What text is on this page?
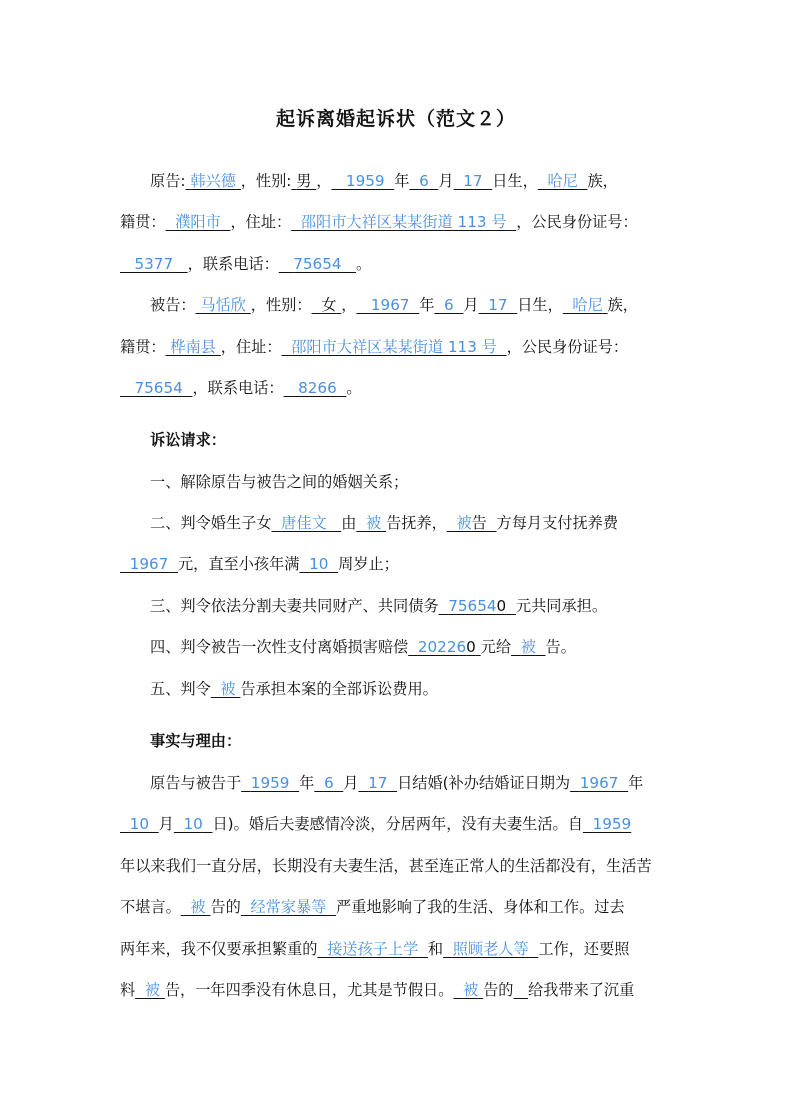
起诉离婚起诉状（范文２）
原告: 韩兴德 ，性别: 男 ， 1959 年 6 月 17 日生， 哈尼 族，
籍贯： 濮阳市 ，住址： 邵阳市大祥区某某街道 113 号 ，公民身份证号：
5377 ，联系电话： 75654 。
被告： 马恬欣 ，性别： 女 ， 1967 年 6 月 17 日生， 哈尼 族，
籍贯： 桦南县 ，住址： 邵阳市大祥区某某街道 113 号 ，公民身份证号：
75654 ，联系电话： 8266 。
诉讼请求：
一、解除原告与被告之间的婚姻关系；
二、判令婚生子女 唐佳文 由 被 告抚养， 被告 方每月支付抚养费
1967 元，直至小孩年满 10 周岁止；
三、判令依法分割夫妻共同财产、共同债务 756540 元共同承担。
四、判令被告一次性支付离婚损害赔偿 202260 元给 被 告。
五、判令 被 告承担本案的全部诉讼费用。
事实与理由：
原告与被告于 1959 年 6 月 17 日结婚(补办结婚证日期为 1967 年
10 月 10 日)。婚后夫妻感情冷淡，分居两年，没有夫妻生活。自 1959
年以来我们一直分居，长期没有夫妻生活，甚至连正常人的生活都没有，生活苦
不堪言。 被 告的 经常家暴等 严重地影响了我的生活、身体和工作。过去
两年来，我不仅要承担繁重的 接送孩子上学 和 照顾老人等 工作，还要照
料 被 告，一年四季没有休息日，尤其是节假日。 被 告的 给我带来了沉重
